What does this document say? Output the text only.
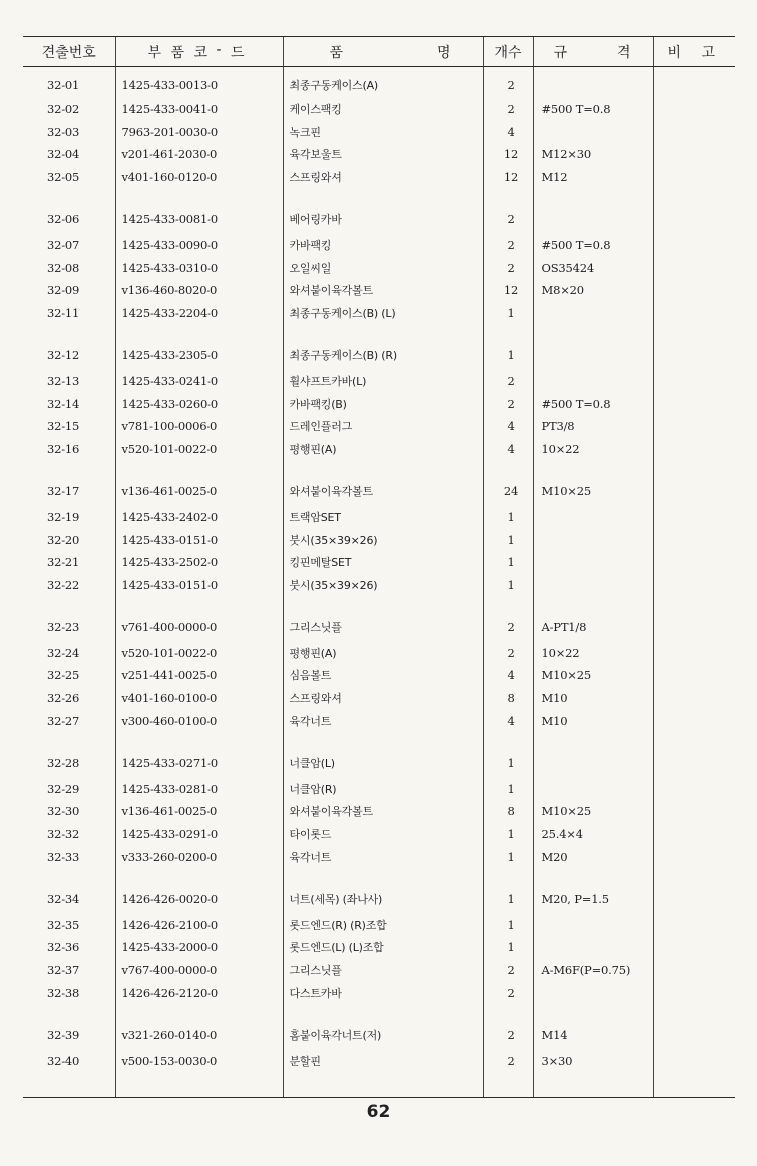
견출번호	부 품 코 - 드	품 명	개수	규 격	비 고

32-01	1425-433-0013-0	최종구동케이스(A)	2		
32-02	1425-433-0041-0	케이스팩킹	2	#500 T=0.8	
32-03	7963-201-0030-0	녹크핀	4		
32-04	v201-461-2030-0	육각보울트	12	M12×30	
32-05	v401-160-0120-0	스프링와셔	12	M12	
32-06	1425-433-0081-0	베어링카바	2		
32-07	1425-433-0090-0	카바팩킹	2	#500 T=0.8	
32-08	1425-433-0310-0	오일씨일	2	OS35424	
32-09	v136-460-8020-0	와셔붙이육각볼트	12	M8×20	
32-11	1425-433-2204-0	최종구동케이스(B) (L)	1		
32-12	1425-433-2305-0	최종구동케이스(B) (R)	1		
32-13	1425-433-0241-0	휠샤프트카바(L)	2		
32-14	1425-433-0260-0	카바팩킹(B)	2	#500 T=0.8	
32-15	v781-100-0006-0	드레인플러그	4	PT3/8	
32-16	v520-101-0022-0	평행핀(A)	4	10×22	
32-17	v136-461-0025-0	와셔붙이육각볼트	24	M10×25	
32-19	1425-433-2402-0	트랙암SET	1		
32-20	1425-433-0151-0	붓시(35×39×26)	1		
32-21	1425-433-2502-0	킹핀메탈SET	1		
32-22	1425-433-0151-0	붓시(35×39×26)	1		
32-23	v761-400-0000-0	그리스닛플	2	A-PT1/8	
32-24	v520-101-0022-0	평행핀(A)	2	10×22	
32-25	v251-441-0025-0	심음볼트	4	M10×25	
32-26	v401-160-0100-0	스프링와셔	8	M10	
32-27	v300-460-0100-0	육각너트	4	M10	
32-28	1425-433-0271-0	너클암(L)	1		
32-29	1425-433-0281-0	너클암(R)	1		
32-30	v136-461-0025-0	와셔붙이육각볼트	8	M10×25	
32-32	1425-433-0291-0	타이롯드	1	25.4×4	
32-33	v333-260-0200-0	육각너트	1	M20	
32-34	1426-426-0020-0	너트(세목) (좌나사)	1	M20, P=1.5	
32-35	1426-426-2100-0	롯드엔드(R) (R)조합	1		
32-36	1425-433-2000-0	롯드엔드(L) (L)조합	1		
32-37	v767-400-0000-0	그리스닛플	2	A-M6F(P=0.75)	
32-38	1426-426-2120-0	다스트카바	2		
32-39	v321-260-0140-0	홈붙이육각너트(저)	2	M14	
32-40	v500-153-0030-0	분할핀	2	3×30	

62
